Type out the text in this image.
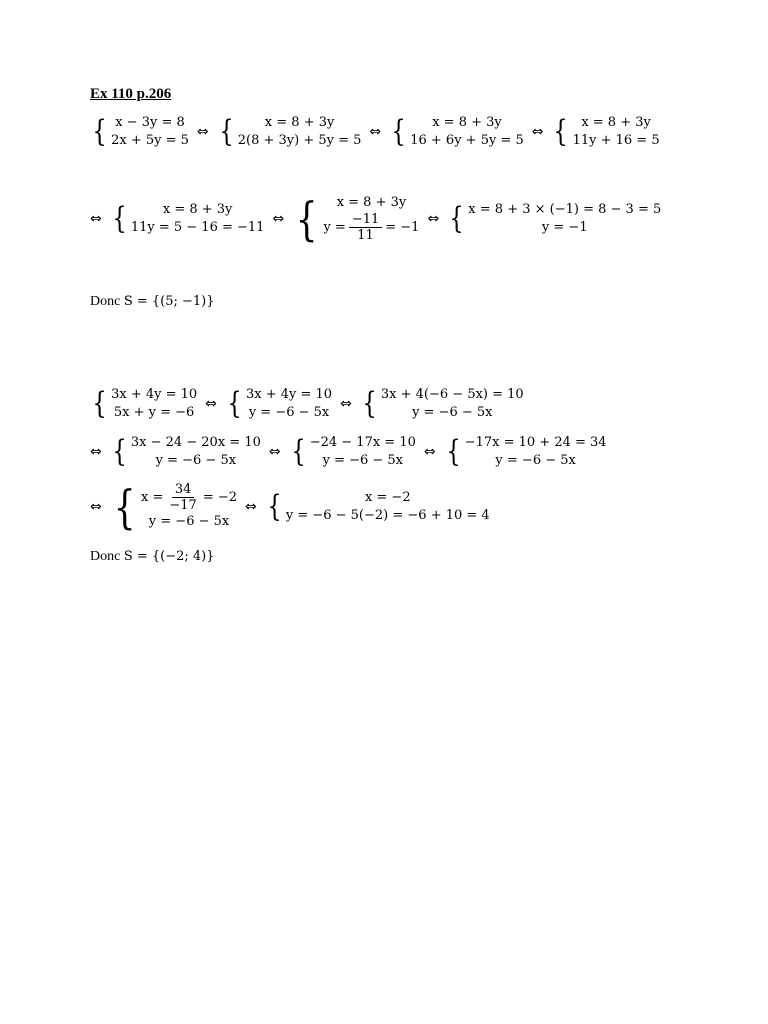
Ex 110 p.206
{ x − 3y = 8
2x + 5y = 5
⇔ {	x = 8 + 3y
2(8 + 3y) + 5y = 5
⇔ {	x = 8 + 3y
16 + 6y + 5y = 5
⇔ {	x = 8 + 3y
11y + 16 = 5
⇔ {	x = 8 + 3y
11y = 5 − 16 = −11
⇔ {	x = 8 + 3y
$y = \frac{-11}{11} = -1$
⇔ { x = 8 + 3 × (−1) = 8 − 3 = 5
y = −1
Donc S = {(5; −1)}
{ 3x + 4y = 10
5x + y = −6
⇔ { 3x + 4y = 10
y = −6 − 5x
⇔ { 3x + 4(−6 − 5x) = 10
y = −6 − 5x
⇔ { 3x − 24 − 20x = 10
y = −6 − 5x
⇔ { −24 − 17x = 10
y = −6 − 5x
⇔ { −17x = 10 + 24 = 34
y = −6 − 5x
⇔ { $x = \frac{34}{-17} = -2$
y = −6 − 5x
⇔ {	x = −2
y = −6 − 5(−2) = −6 + 10 = 4
Donc S = {(−2; 4)}
